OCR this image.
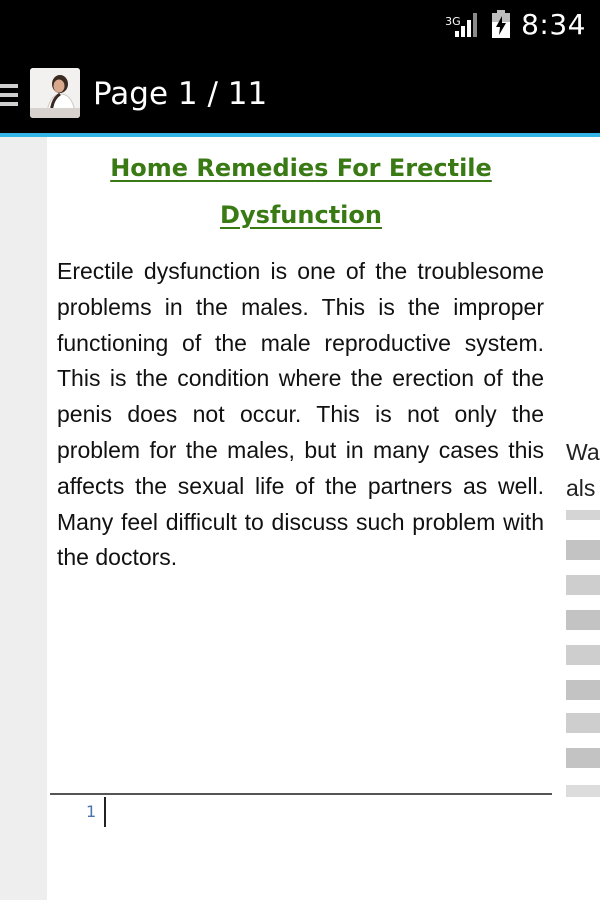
3G 8:34
Page 1 / 11
Home Remedies For Erectile Dysfunction
Erectile dysfunction is one of the troublesome problems in the males. This is the improper functioning of the male reproductive system. This is the condition where the erection of the penis does not occur. This is not only the problem for the males, but in many cases this affects the sexual life of the partners as well. Many feel difficult to discuss such problem with the doctors.
1
Wa
als
